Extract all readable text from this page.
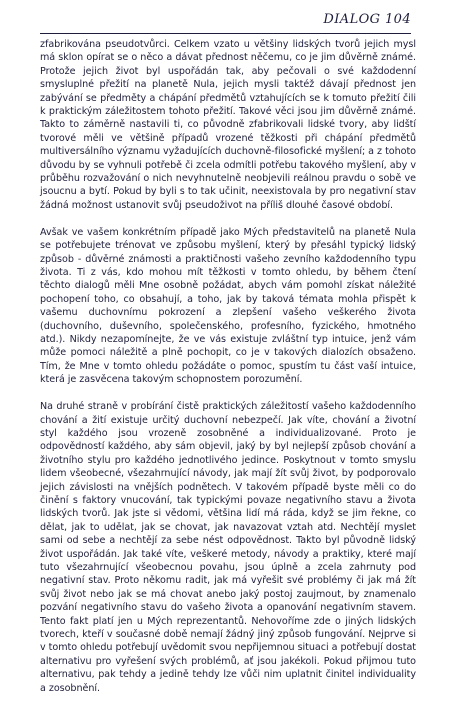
DIALOG 104

zfabrikována pseudotvůrci. Celkem vzato u většiny lidských tvorů jejich mysl má sklon opírat se o něco a dávat přednost něčemu, co je jim důvěrně známé. Protože jejich život byl uspořádán tak, aby pečovali o své každodenní smysluplné přežití na planetě Nula, jejich mysli taktéž dávají přednost jen zabývání se předměty a chápání předmětů vztahujících se k tomuto přežití čili k praktickým záležitostem tohoto přežití. Takové věci jsou jim důvěrně známé. Takto to záměrně nastavili ti, co původně zfabrikovali lidské tvory, aby lidští tvorové měli ve většině případů vrozené těžkosti při chápání předmětů multiversálního významu vyžadujících duchovně-filosofické myšlení; a z tohoto důvodu by se vyhnuli potřebě či zcela odmítli potřebu takového myšlení, aby v průběhu rozvažování o nich nevyhnutelně neobjevili reálnou pravdu o sobě ve jsoucnu a bytí. Pokud by byli s to tak učinit, neexistovala by pro negativní stav žádná možnost ustanovit svůj pseudoživot na příliš dlouhé časové období.

Avšak ve vašem konkrétním případě jako Mých představitelů na planetě Nula se potřebujete trénovat ve způsobu myšlení, který by přesáhl typický lidský způsob - důvěrné známosti a praktičnosti vašeho zevního každodenního typu života. Ti z vás, kdo mohou mít těžkosti v tomto ohledu, by během čtení těchto dialogů měli Mne osobně požádat, abych vám pomohl získat náležité pochopení toho, co obsahují, a toho, jak by taková témata mohla přispět k vašemu duchovnímu pokrození a zlepšení vašeho veškerého života (duchovního, duševního, společenského, profesního, fyzického, hmotného atd.). Nikdy nezapomínejte, že ve vás existuje zvláštní typ intuice, jenž vám může pomoci náležitě a plně pochopit, co je v takových dialozích obsaženo. Tím, že Mne v tomto ohledu požádáte o pomoc, spustím tu část vaší intuice, která je zasvěcena takovým schopnostem porozumění.

Na druhé straně v probírání čistě praktických záležitostí vašeho každodenního chování a žití existuje určitý duchovní nebezpečí. Jak víte, chování a životní styl každého jsou vrozeně zosobněné a individualizované. Proto je odpovědností každého, aby sám objevil, jaký by byl nejlepší způsob chování a životního stylu pro každého jednotlivého jedince. Poskytnout v tomto smyslu lidem všeobecné, všezahrnující návody, jak mají žít svůj život, by podporovalo jejich závislosti na vnějších podnětech. V takovém případě byste měli co do činění s faktory vnucování, tak typickými povaze negativního stavu a života lidských tvorů. Jak jste si vědomi, většina lidí má ráda, když se jim řekne, co dělat, jak to udělat, jak se chovat, jak navazovat vztah atd. Nechtějí myslet sami od sebe a nechtějí za sebe nést odpovědnost. Takto byl původně lidský život uspořádán. Jak také víte, veškeré metody, návody a praktiky, které mají tuto všezahrnující všeobecnou povahu, jsou úplně a zcela zahrnuty pod negativní stav. Proto někomu radit, jak má vyřešit své problémy či jak má žít svůj život nebo jak se má chovat anebo jaký postoj zaujmout, by znamenalo pozvání negativního stavu do vašeho života a opanování negativním stavem. Tento fakt platí jen u Mých reprezentantů. Nehovoříme zde o jiných lidských tvorech, kteří v současné době nemají žádný jiný způsob fungování. Nejprve si v tomto ohledu potřebují uvědomit svou nepřijemnou situaci a potřebují dostat alternativu pro vyřešení svých problémů, ať jsou jakékoli. Pokud přijmou tuto alternativu, pak tehdy a jedině tehdy lze vůči nim uplatnit činitel individuality a zosobnění.
